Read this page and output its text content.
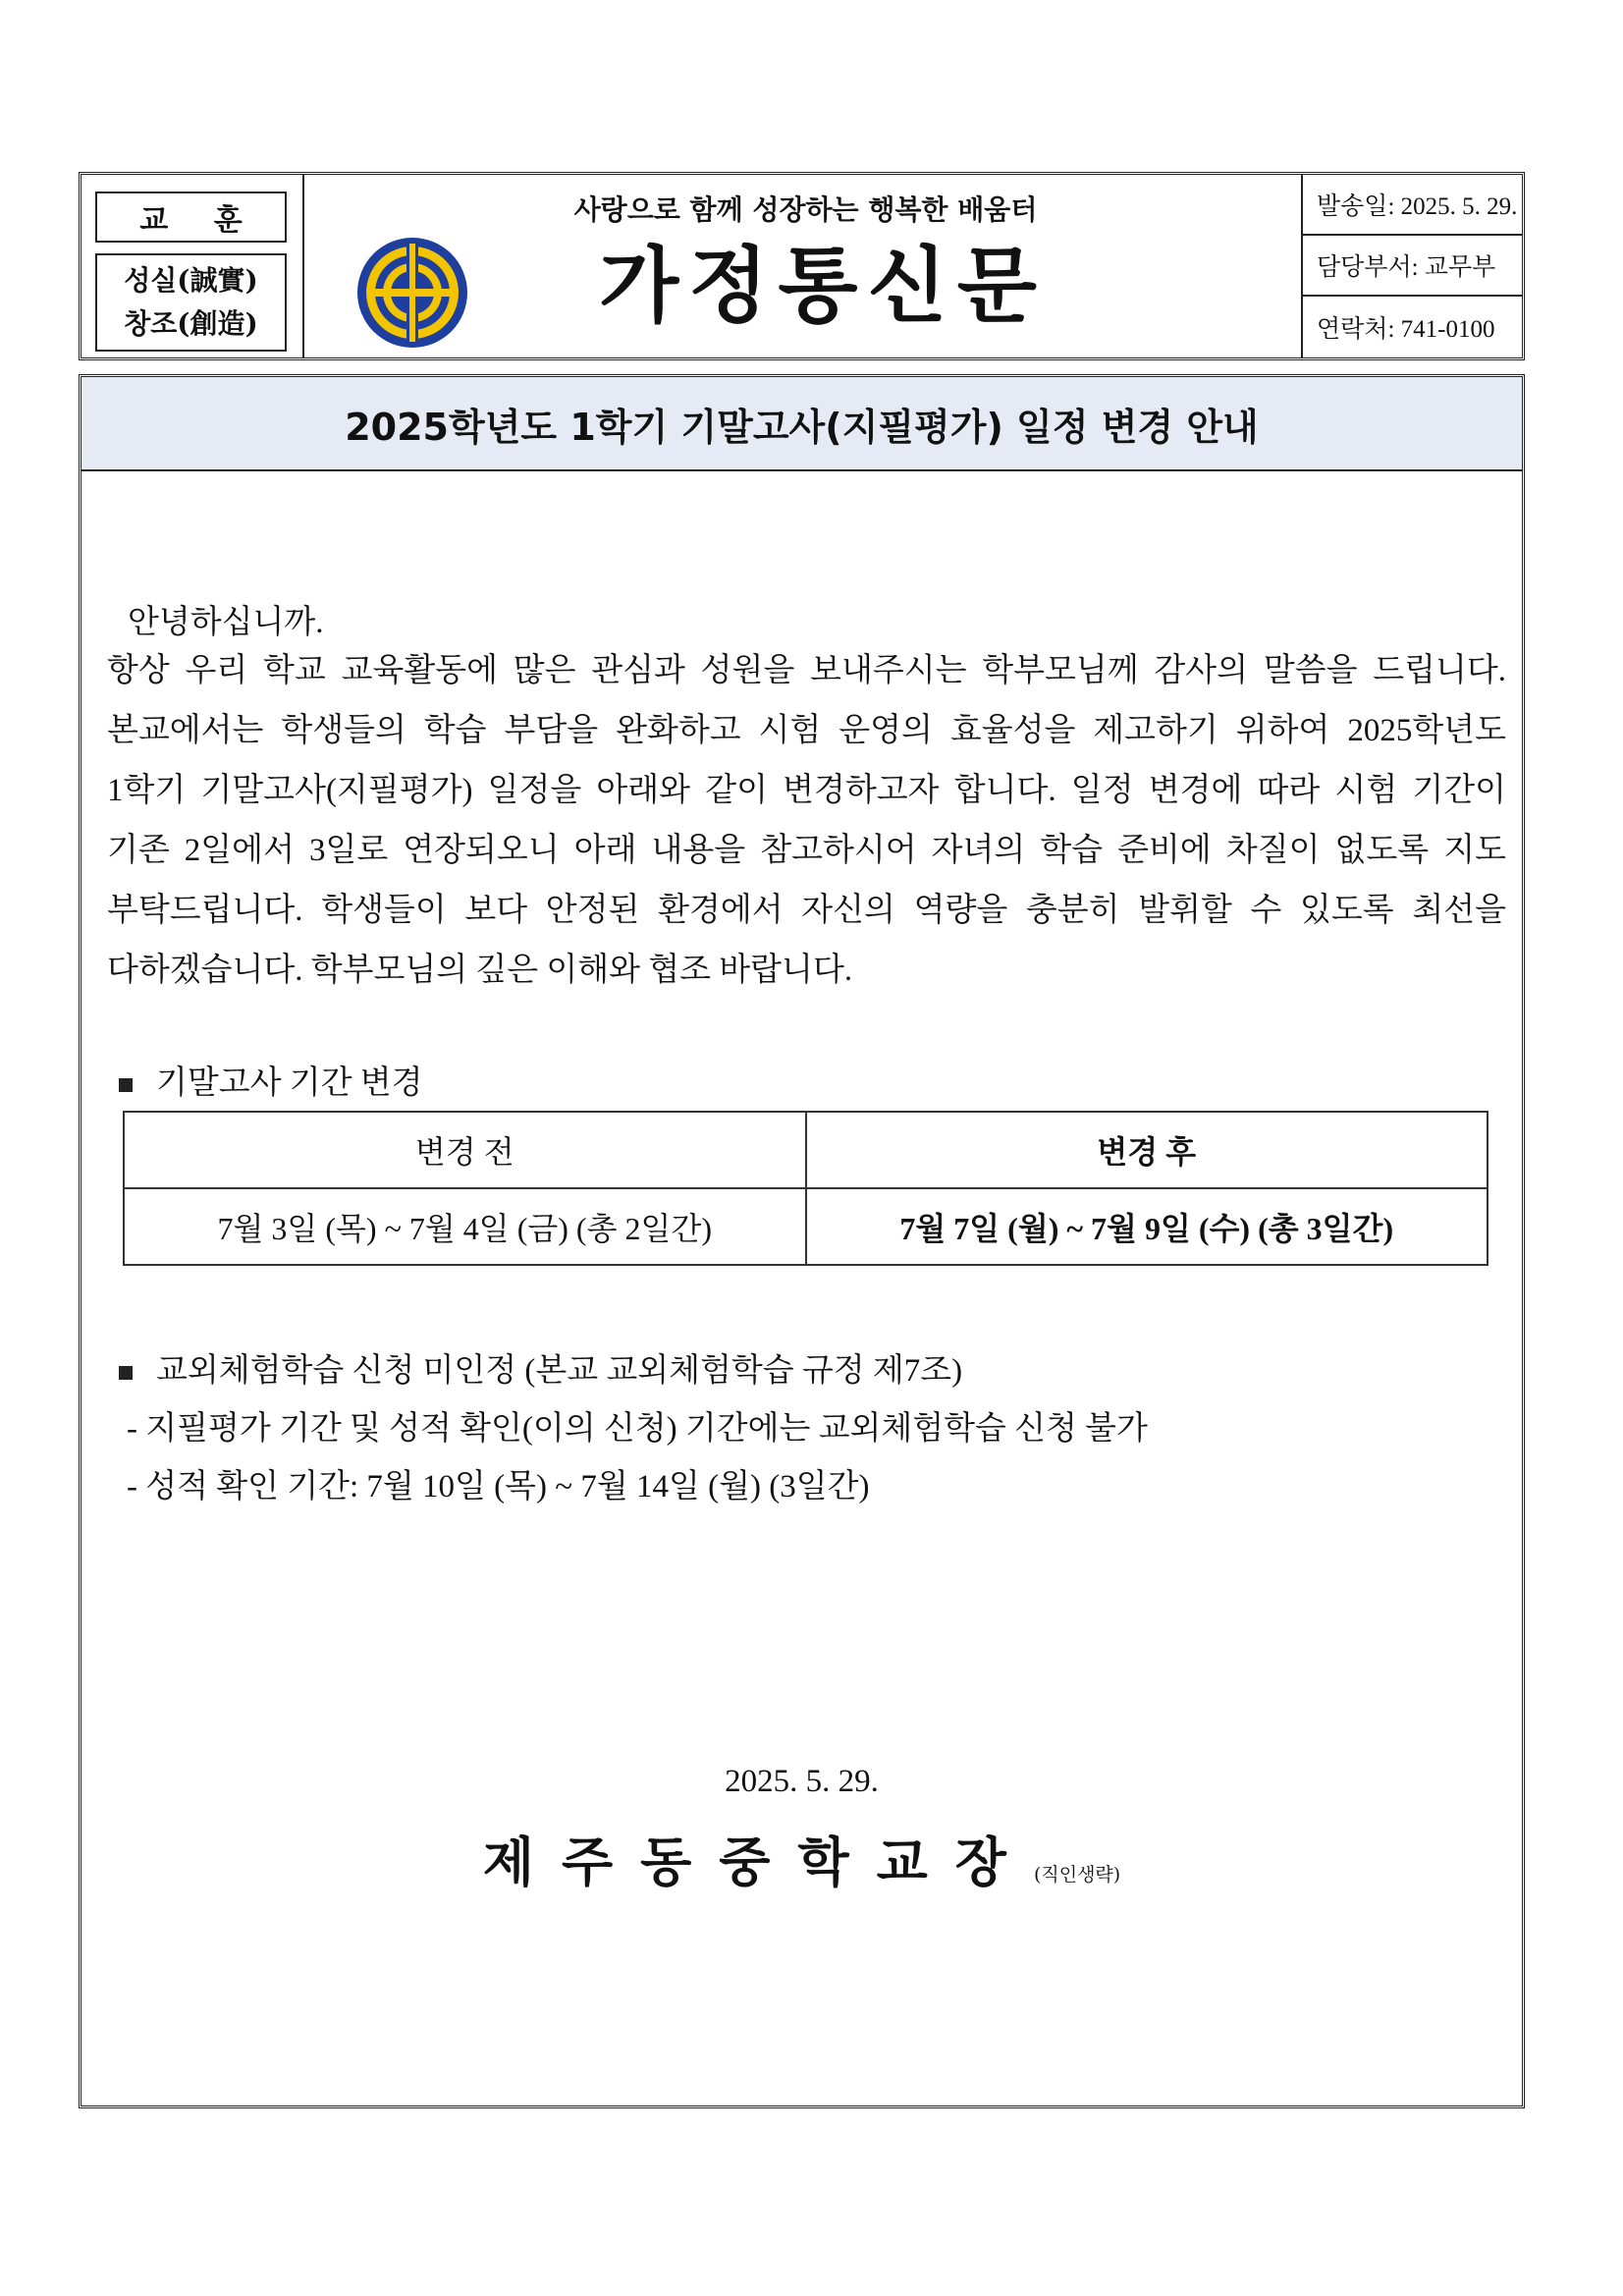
교 훈
성실(誠實)
창조(創造)
사랑으로 함께 성장하는 행복한 배움터
가정통신문
발송일: 2025. 5. 29.
담당부서: 교무부
연락처: 741-0100
2025학년도 1학기 기말고사(지필평가) 일정 변경 안내
안녕하십니까.
항상 우리 학교 교육활동에 많은 관심과 성원을 보내주시는 학부모님께 감사의 말씀을 드립니다.
본교에서는 학생들의 학습 부담을 완화하고 시험 운영의 효율성을 제고하기 위하여 2025학년도
1학기 기말고사(지필평가) 일정을 아래와 같이 변경하고자 합니다. 일정 변경에 따라 시험 기간이
기존 2일에서 3일로 연장되오니 아래 내용을 참고하시어 자녀의 학습 준비에 차질이 없도록 지도
부탁드립니다. 학생들이 보다 안정된 환경에서 자신의 역량을 충분히 발휘할 수 있도록 최선을
다하겠습니다. 학부모님의 깊은 이해와 협조 바랍니다.
기말고사 기간 변경
변경 전	변경 후
7월 3일 (목) ~ 7월 4일 (금) (총 2일간)	7월 7일 (월) ~ 7월 9일 (수) (총 3일간)
교외체험학습 신청 미인정 (본교 교외체험학습 규정 제7조)
- 지필평가 기간 및 성적 확인(이의 신청) 기간에는 교외체험학습 신청 불가
- 성적 확인 기간: 7월 10일 (목) ~ 7월 14일 (월) (3일간)
2025. 5. 29.
제주동중학교장(직인생략)
